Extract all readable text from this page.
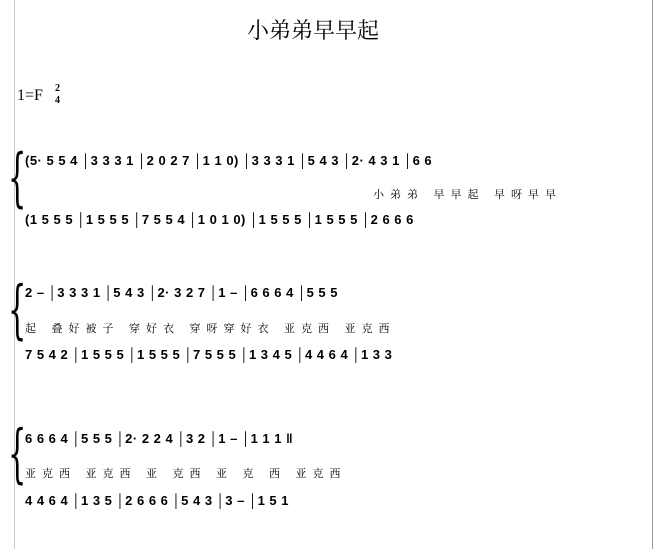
小弟弟早早起
1=F 2
4
{
(5· 5 5 4 │3 3 3 1 │2 0 2 7 │1 1 0) │3 3 3 1 │5 4 3 │2· 4 3 1 │6 6
小弟弟 早早起 早呀早早
(1 5 5 5 │1 5 5 5 │7 5 5 4 │1 0 1 0) │1 5 5 5 │1 5 5 5 │2 6 6 6
{
2 – │3 3 3 1 │5 4 3 │2· 3 2 7 │1 – │6 6 6 4 │5 5 5
起 叠好被子 穿好衣 穿呀穿好衣 亚克西 亚克西
7 5 4 2 │1 5 5 5 │1 5 5 5 │7 5 5 5 │1 3 4 5 │4 4 6 4 │1 3 3
{
6 6 6 4 │5 5 5 │2· 2 2 4 │3 2 │1 – │1 1 1 ‖
亚克西 亚克西 亚 克西 亚 克 西 亚克西
4 4 6 4 │1 3 5 │2 6 6 6 │5 4 3 │3 – │1 5 1
